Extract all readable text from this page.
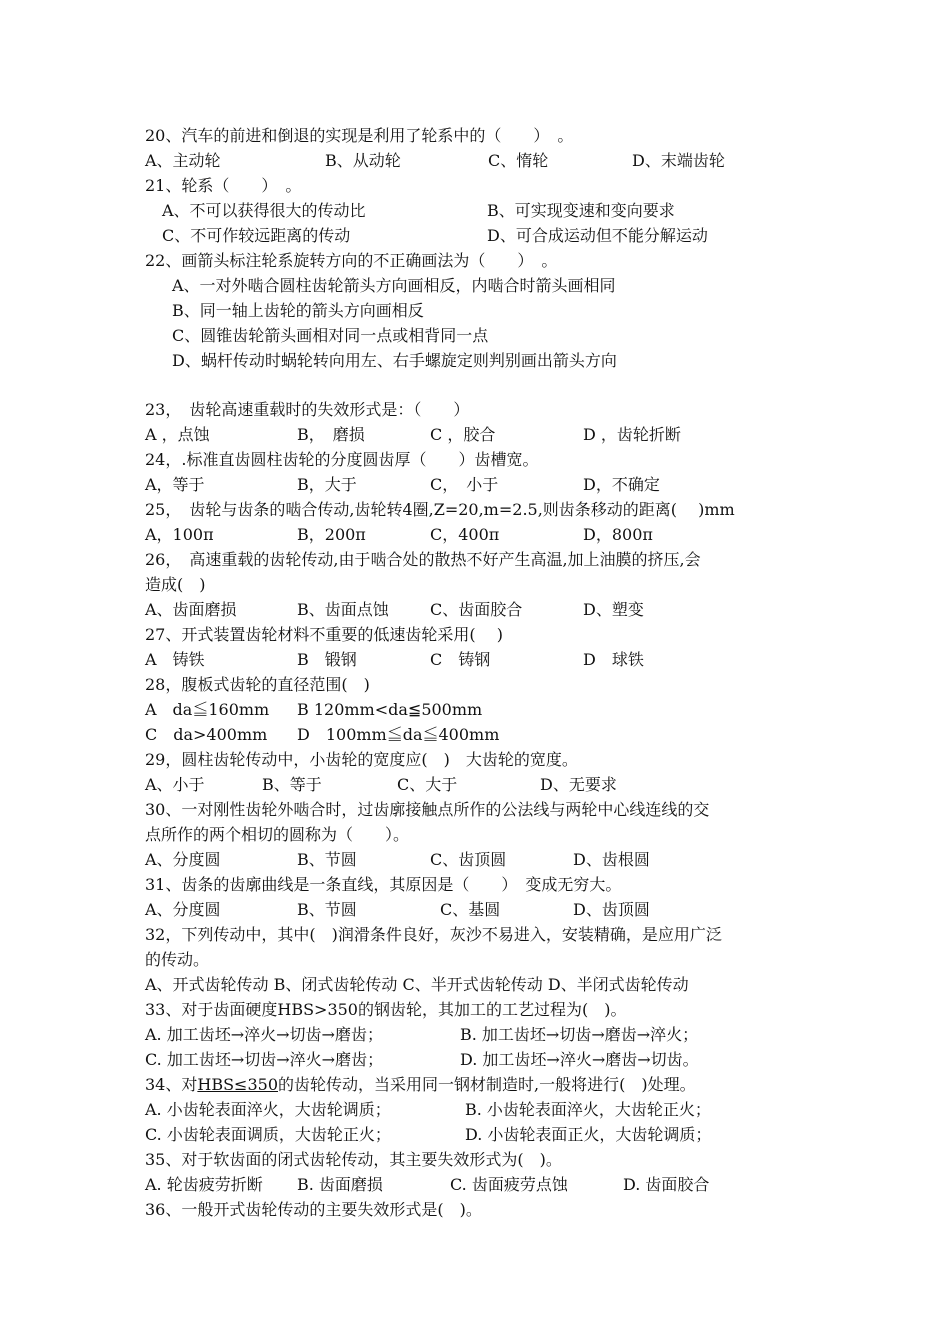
20、汽车的前进和倒退的实现是利用了轮系中的（　　）　。
A、主动轮	B、从动轮	C、惰轮	D、末端齿轮
21、轮系（　　）　。
A、不可以获得很大的传动比	B、可实现变速和变向要求
C、不可作较远距离的传动	D、可合成运动但不能分解运动
22、画箭头标注轮系旋转方向的不正确画法为（　　）　。
A、一对外啮合圆柱齿轮箭头方向画相反，内啮合时箭头画相同
B、同一轴上齿轮的箭头方向画相反
C、圆锥齿轮箭头画相对同一点或相背同一点
D、蜗杆传动时蜗轮转向用左、右手螺旋定则判别画出箭头方向
23，　齿轮高速重载时的失效形式是：（　　）
A ，点蚀	B，　磨损	C ，胶合	D ，齿轮折断
24，.标准直齿圆柱齿轮的分度圆齿厚（　　）齿槽宽。
A，等于	B，大于	C，　小于	D，不确定
25，　齿轮与齿条的啮合传动,齿轮转4圈,Z=20,m=2.5,则齿条移动的距离(　 )mm
A，100π	B，200π	C，400π	D，800π
26，　高速重载的齿轮传动,由于啮合处的散热不好产生高温,加上油膜的挤压,会
造成(　)
A、齿面磨损	B、齿面点蚀	C、齿面胶合	D、塑变
27、开式装置齿轮材料不重要的低速齿轮采用(　 )
A　铸铁	B　锻钢	C　铸钢	D　球铁
28，腹板式齿轮的直径范围(　)
A　da≦160mm B 120mm<da≦500mm
C　da>400mm D　100mm≦da≦400mm
29，圆柱齿轮传动中，小齿轮的宽度应(　)　大齿轮的宽度。
A、小于	B、等于	C、大于	D、无要求
30、一对刚性齿轮外啮合时，过齿廓接触点所作的公法线与两轮中心线连线的交
点所作的两个相切的圆称为（　　）。
A、分度圆	B、节圆	C、齿顶圆	D、齿根圆
31、齿条的齿廓曲线是一条直线，其原因是（　　）　变成无穷大。
A、分度圆	B、节圆	C、基圆	D、齿顶圆
32，下列传动中，其中(　)润滑条件良好，灰沙不易进入，安装精确，是应用广泛
的传动。
A、开式齿轮传动 B、闭式齿轮传动 C、半开式齿轮传动 D、半闭式齿轮传动
33、对于齿面硬度HBS>350的钢齿轮，其加工的工艺过程为(　)。
A. 加工齿坯→淬火→切齿→磨齿；	B. 加工齿坯→切齿→磨齿→淬火；
C. 加工齿坯→切齿→淬火→磨齿；	D. 加工齿坯→淬火→磨齿→切齿。
34、对HBS≤350的齿轮传动，当采用同一钢材制造时,一般将进行(　)处理。
A. 小齿轮表面淬火，大齿轮调质；	B. 小齿轮表面淬火，大齿轮正火；
C. 小齿轮表面调质，大齿轮正火；	D. 小齿轮表面正火，大齿轮调质；
35、对于软齿面的闭式齿轮传动，其主要失效形式为(　)。
A. 轮齿疲劳折断 B. 齿面磨损	C. 齿面疲劳点蚀	D. 齿面胶合
36、一般开式齿轮传动的主要失效形式是(　)。
